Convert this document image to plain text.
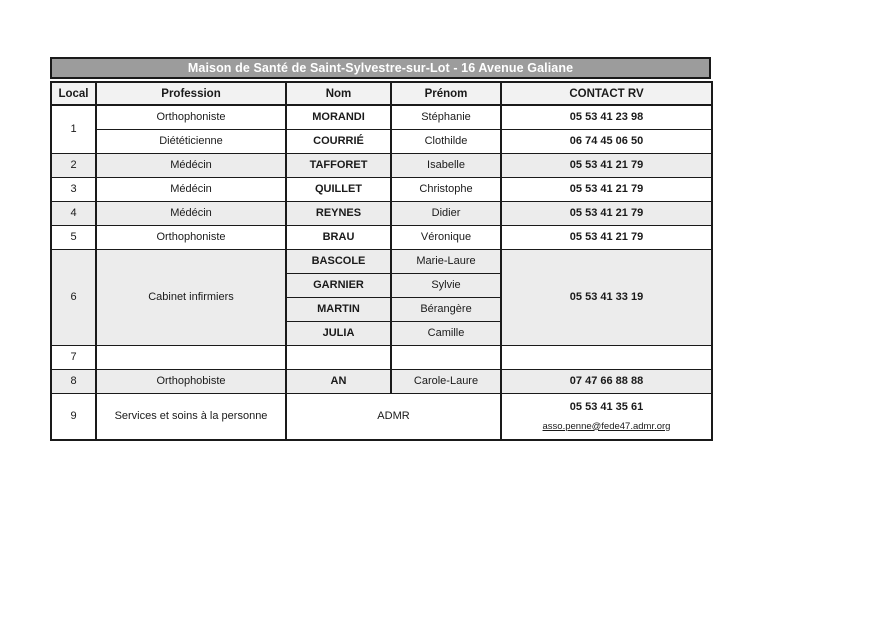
Maison de Santé de Saint-Sylvestre-sur-Lot - 16 Avenue Galiane
Local	Profession	Nom	Prénom	CONTACT RV
1	Orthophoniste	MORANDI	Stéphanie	05 53 41 23 98
	Diététicienne	COURRIÉ	Clothilde	06 74 45 06 50
2	Médécin	TAFFORET	Isabelle	05 53 41 21 79
3	Médécin	QUILLET	Christophe	05 53 41 21 79
4	Médécin	REYNES	Didier	05 53 41 21 79
5	Orthophoniste	BRAU	Véronique	05 53 41 21 79
6	Cabinet infirmiers	BASCOLE	Marie-Laure	05 53 41 33 19
		GARNIER	Sylvie	
		MARTIN	Bérangère	
		JULIA	Camille	
7				
8	Orthophobiste	AN	Carole-Laure	07 47 66 88 88
9	Services et soins à la personne	ADMR		05 53 41 35 61
asso.penne@fede47.admr.org
